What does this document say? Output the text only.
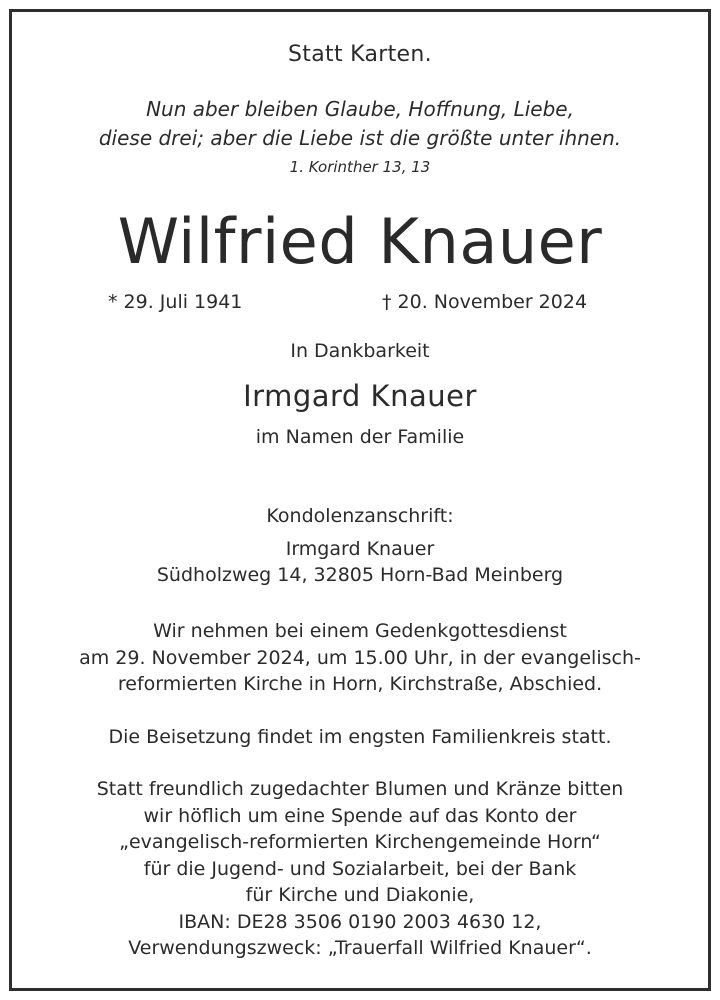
Statt Karten.
Nun aber bleiben Glaube, Hoffnung, Liebe,
diese drei; aber die Liebe ist die größte unter ihnen.
1. Korinther 13, 13
Wilfried Knauer
* 29. Juli 1941	† 20. November 2024
In Dankbarkeit
Irmgard Knauer
im Namen der Familie
Kondolenzanschrift:
Irmgard Knauer
Südholzweg 14, 32805 Horn-Bad Meinberg
Wir nehmen bei einem Gedenkgottesdienst
am 29. November 2024, um 15.00 Uhr, in der evangelisch-
reformierten Kirche in Horn, Kirchstraße, Abschied.
Die Beisetzung findet im engsten Familienkreis statt.
Statt freundlich zugedachter Blumen und Kränze bitten
wir höflich um eine Spende auf das Konto der
„evangelisch-reformierten Kirchengemeinde Horn“
für die Jugend- und Sozialarbeit, bei der Bank
für Kirche und Diakonie,
IBAN: DE28 3506 0190 2003 4630 12,
Verwendungszweck: „Trauerfall Wilfried Knauer“.
